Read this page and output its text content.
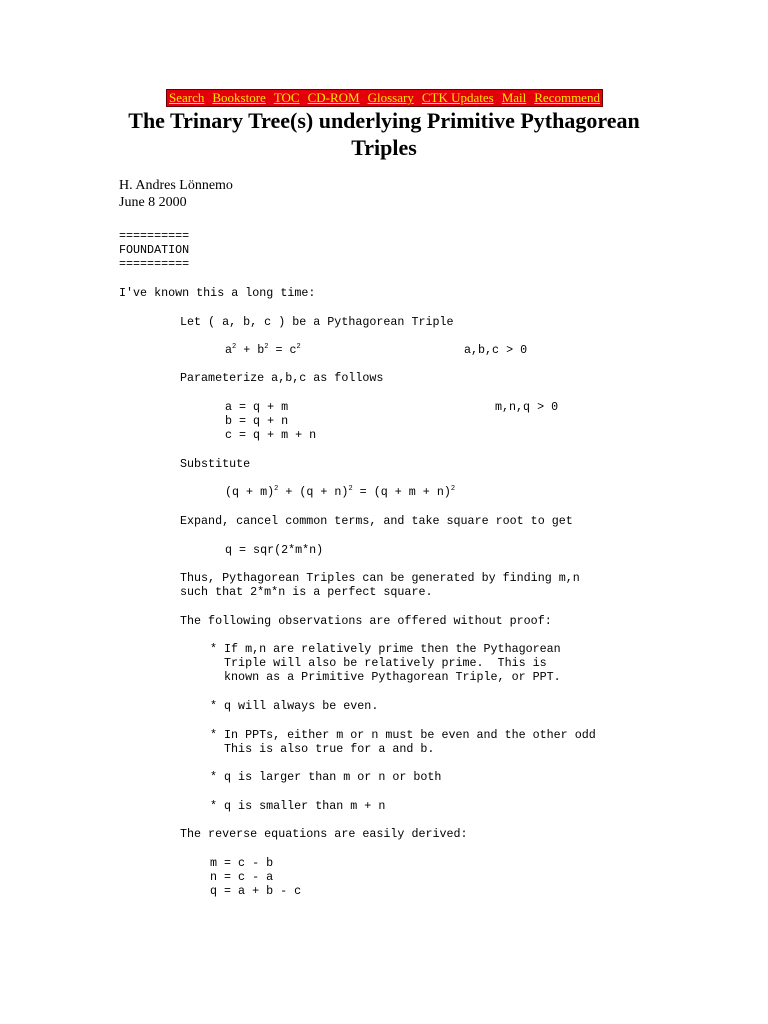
Search Bookstore TOC CD-ROM Glossary CTK Updates Mail Recommend
The Trinary Tree(s) underlying Primitive Pythagorean Triples
H. Andres Lönnemo
June 8 2000
==========
FOUNDATION
==========
I've known this a long time:
Let ( a, b, c ) be a Pythagorean Triple
$a^2 + b^2 = c^2$	a,b,c > 0
Parameterize a,b,c as follows
a = q + m	m,n,q > 0
b = q + n
c = q + m + n
Substitute
$(q + m)^2 + (q + n)^2 = (q + m + n)^2$
Expand, cancel common terms, and take square root to get
q = sqr(2*m*n)
Thus, Pythagorean Triples can be generated by finding m,n
such that 2*m*n is a perfect square.
The following observations are offered without proof:
* If m,n are relatively prime then the Pythagorean
Triple will also be relatively prime.  This is
known as a Primitive Pythagorean Triple, or PPT.
* q will always be even.
* In PPTs, either m or n must be even and the other odd
This is also true for a and b.
* q is larger than m or n or both
* q is smaller than m + n
The reverse equations are easily derived:
m = c - b
n = c - a
q = a + b - c
